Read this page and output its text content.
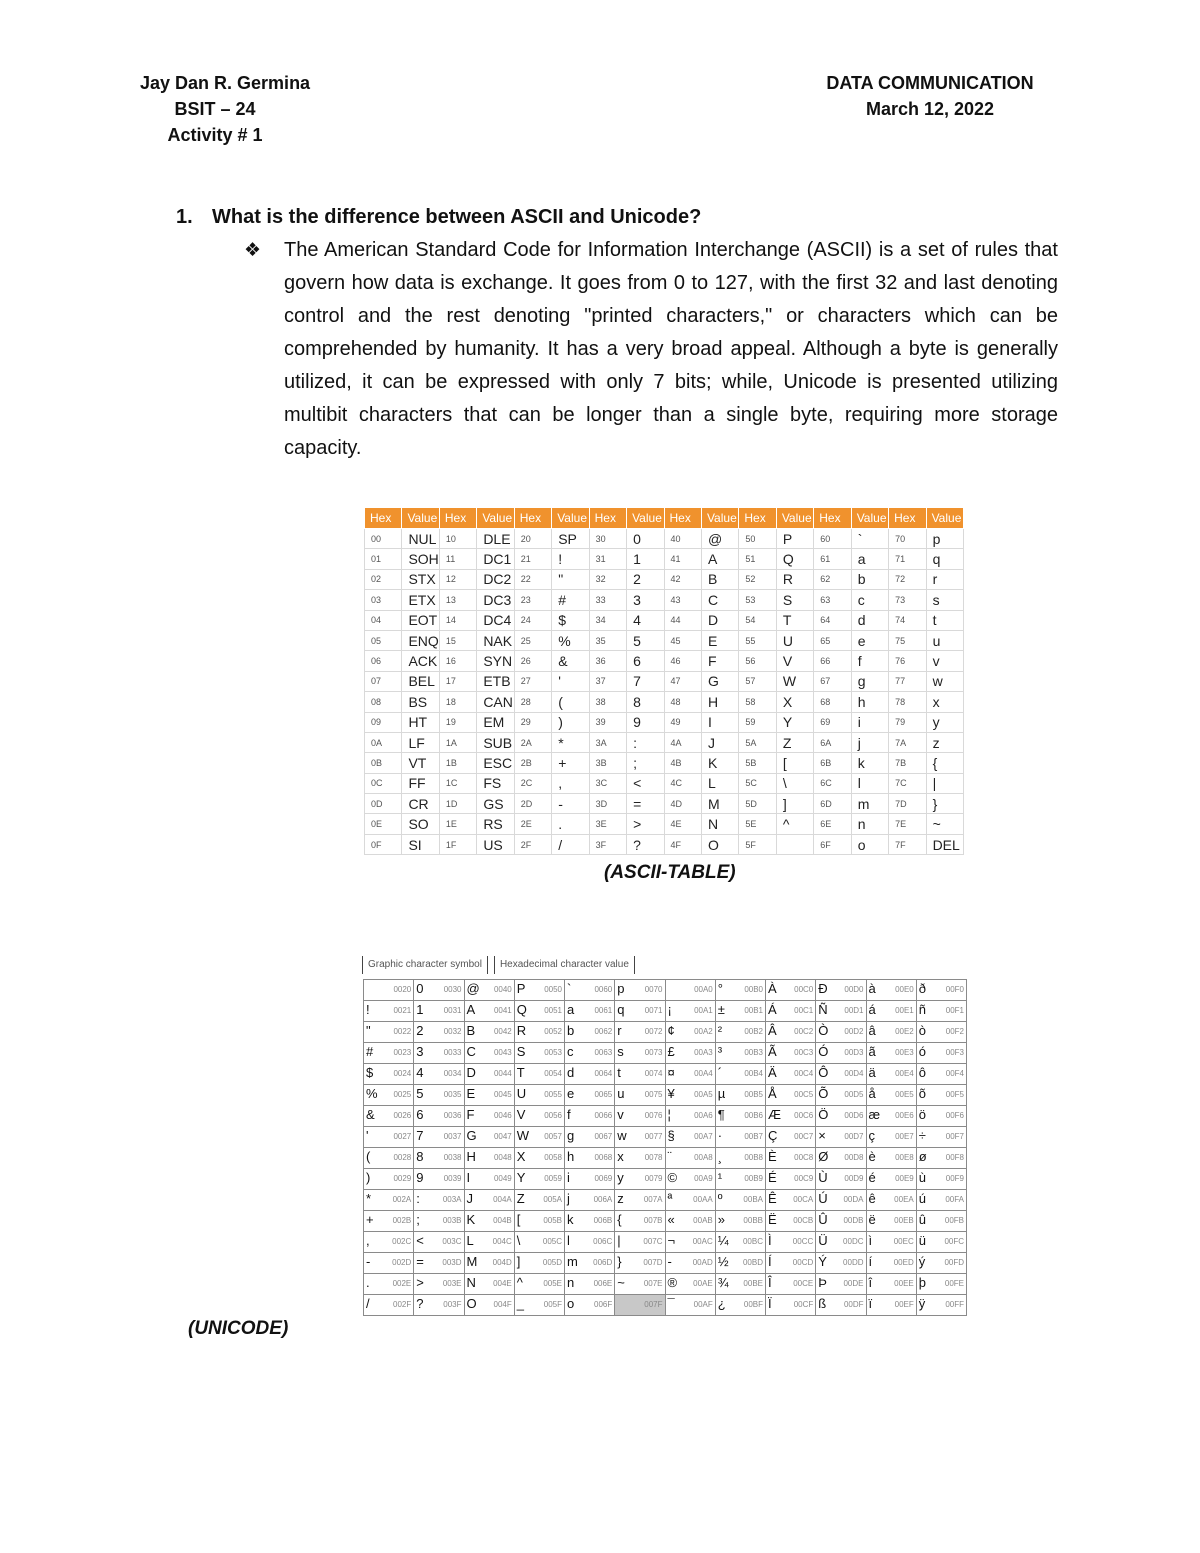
Jay Dan R. Germina
BSIT – 24
Activity # 1
DATA COMMUNICATION
March 12, 2022
1. What is the difference between ASCII and Unicode?
❖	The American Standard Code for Information Interchange (ASCII) is a set of rules that govern how data is exchange. It goes from 0 to 127, with the first 32 and last denoting control and the rest denoting "printed characters," or characters which can be comprehended by humanity. It has a very broad appeal. Although a byte is generally utilized, it can be expressed with only 7 bits; while, Unicode is presented utilizing multibit characters that can be longer than a single byte, requiring more storage capacity.
Hex	Value	Hex	Value	Hex	Value	Hex	Value	Hex	Value	Hex	Value	Hex	Value	Hex	Value
00	NUL	10	DLE	20	SP	30	0	40	@	50	P	60	`	70	p
01	SOH	11	DC1	21	!	31	1	41	A	51	Q	61	a	71	q
02	STX	12	DC2	22	"	32	2	42	B	52	R	62	b	72	r
03	ETX	13	DC3	23	#	33	3	43	C	53	S	63	c	73	s
04	EOT	14	DC4	24	$	34	4	44	D	54	T	64	d	74	t
05	ENQ	15	NAK	25	%	35	5	45	E	55	U	65	e	75	u
06	ACK	16	SYN	26	&	36	6	46	F	56	V	66	f	76	v
07	BEL	17	ETB	27	'	37	7	47	G	57	W	67	g	77	w
08	BS	18	CAN	28	(	38	8	48	H	58	X	68	h	78	x
09	HT	19	EM	29	)	39	9	49	I	59	Y	69	i	79	y
0A	LF	1A	SUB	2A	*	3A	:	4A	J	5A	Z	6A	j	7A	z
0B	VT	1B	ESC	2B	+	3B	;	4B	K	5B	[	6B	k	7B	{
0C	FF	1C	FS	2C	,	3C	<	4C	L	5C	\	6C	l	7C	|
0D	CR	1D	GS	2D	-	3D	=	4D	M	5D	]	6D	m	7D	}
0E	SO	1E	RS	2E	.	3E	>	4E	N	5E	^	6E	n	7E	~
0F	SI	1F	US	2F	/	3F	?	4F	O	5F		6F	o	7F	DEL
(ASCII-TABLE)
Graphic character symbol	Hexadecimal character value
0020	0 0030	@ 0040	P 0050	` 0060	p 0070	00A0	° 00B0	À 00C0	Ð 00D0	à 00E0	ð 00F0

! 0021	1 0031	A 0041	Q 0051	a 0061	q 0071	¡ 00A1	± 00B1	Á 00C1	Ñ 00D1	á 00E1	ñ 00F1

" 0022	2 0032	B 0042	R 0052	b 0062	r 0072	¢ 00A2	² 00B2	Â 00C2	Ò 00D2	â 00E2	ò 00F2

# 0023	3 0033	C 0043	S 0053	c 0063	s 0073	£ 00A3	³ 00B3	Ã 00C3	Ó 00D3	ã 00E3	ó 00F3

$ 0024	4 0034	D 0044	T 0054	d 0064	t 0074	¤ 00A4	´ 00B4	Ä 00C4	Ô 00D4	ä 00E4	ô 00F4

% 0025	5 0035	E 0045	U 0055	e 0065	u 0075	¥ 00A5	µ 00B5	Å 00C5	Õ 00D5	å 00E5	õ 00F5

& 0026	6 0036	F 0046	V 0056	f 0066	v 0076	¦ 00A6	¶ 00B6	Æ 00C6	Ö 00D6	æ 00E6	ö 00F6

' 0027	7 0037	G 0047	W 0057	g 0067	w 0077	§ 00A7	· 00B7	Ç 00C7	× 00D7	ç 00E7	÷ 00F7

( 0028	8 0038	H 0048	X 0058	h 0068	x 0078	¨ 00A8	¸ 00B8	È 00C8	Ø 00D8	è 00E8	ø 00F8

) 0029	9 0039	I 0049	Y 0059	i 0069	y 0079	© 00A9	¹ 00B9	É 00C9	Ù 00D9	é 00E9	ù 00F9

* 002A	: 003A	J 004A	Z 005A	j 006A	z 007A	ª 00AA	º 00BA	Ê 00CA	Ú 00DA	ê 00EA	ú 00FA

+ 002B	; 003B	K 004B	[ 005B	k 006B	{ 007B	« 00AB	» 00BB	Ë 00CB	Û 00DB	ë 00EB	û 00FB

, 002C	< 003C	L 004C	\ 005C	l 006C	| 007C	¬ 00AC	¼ 00BC	Ì 00CC	Ü 00DC	ì 00EC	ü 00FC

- 002D	= 003D	M 004D	] 005D	m 006D	} 007D	- 00AD	½ 00BD	Í 00CD	Ý 00DD	í 00ED	ý 00FD

. 002E	> 003E	N 004E	^ 005E	n 006E	~ 007E	® 00AE	¾ 00BE	Î 00CE	Þ 00DE	î 00EE	þ 00FE

/ 002F	? 003F	O 004F	_ 005F	o 006F	007F	¯ 00AF	¿ 00BF	Ï 00CF	ß 00DF	ï 00EF	ÿ 00FF
(UNICODE)
